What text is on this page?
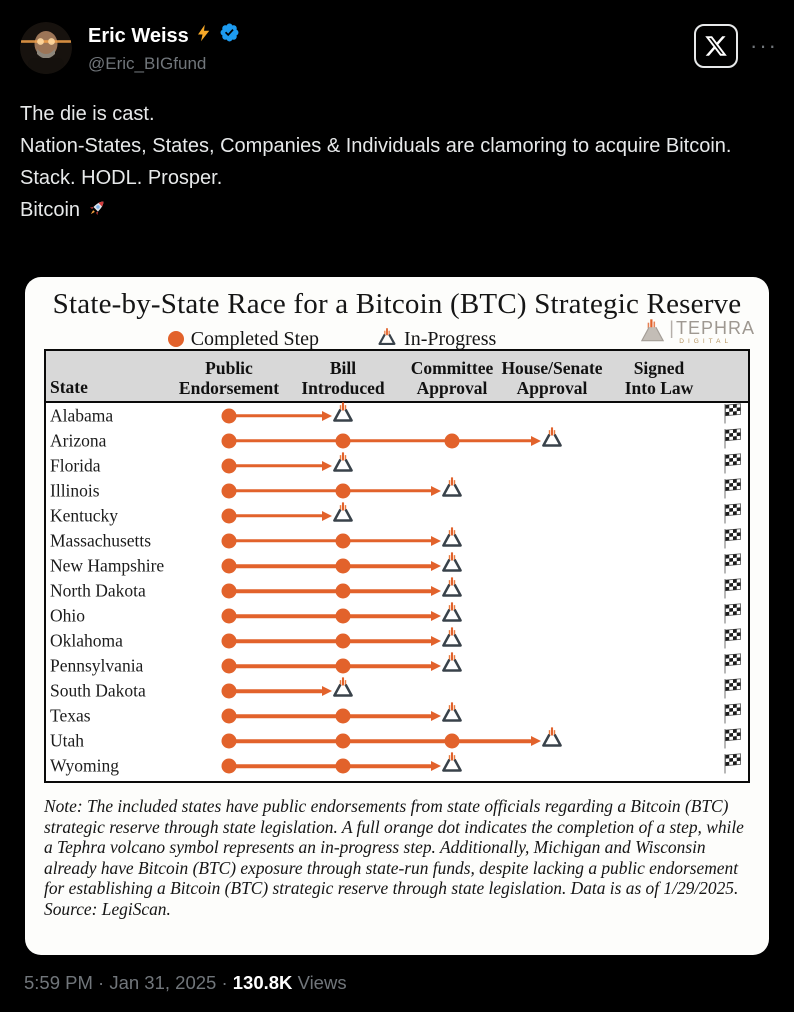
Eric Weiss
@Eric_BIGfund
···
The die is cast.
Nation-States, States, Companies & Individuals are clamoring to acquire Bitcoin.
Stack. HODL. Prosper.
Bitcoin
State-by-State Race for a Bitcoin (BTC) Strategic Reserve
Completed Step	In-Progress	|TEPHRA
DIGITAL
State
Public
Endorsement
Bill
Introduced
Committee
Approval
House/Senate
Approval
Signed
Into Law
Alabama
Arizona
Florida
Illinois
Kentucky
Massachusetts
New Hampshire
North Dakota
Ohio
Oklahoma
Pennsylvania
South Dakota
Texas
Utah
Wyoming
Note: The included states have public endorsements from state officials regarding a Bitcoin (BTC) strategic reserve through state legislation. A full orange dot indicates the completion of a step, while a Tephra volcano symbol represents an in-progress step. Additionally, Michigan and Wisconsin already have Bitcoin (BTC) exposure through state-run funds, despite lacking a public endorsement for establishing a Bitcoin (BTC) strategic reserve through state legislation. Data is as of 1/29/2025.
Source: LegiScan.
5:59 PM · Jan 31, 2025 · 130.8K Views
